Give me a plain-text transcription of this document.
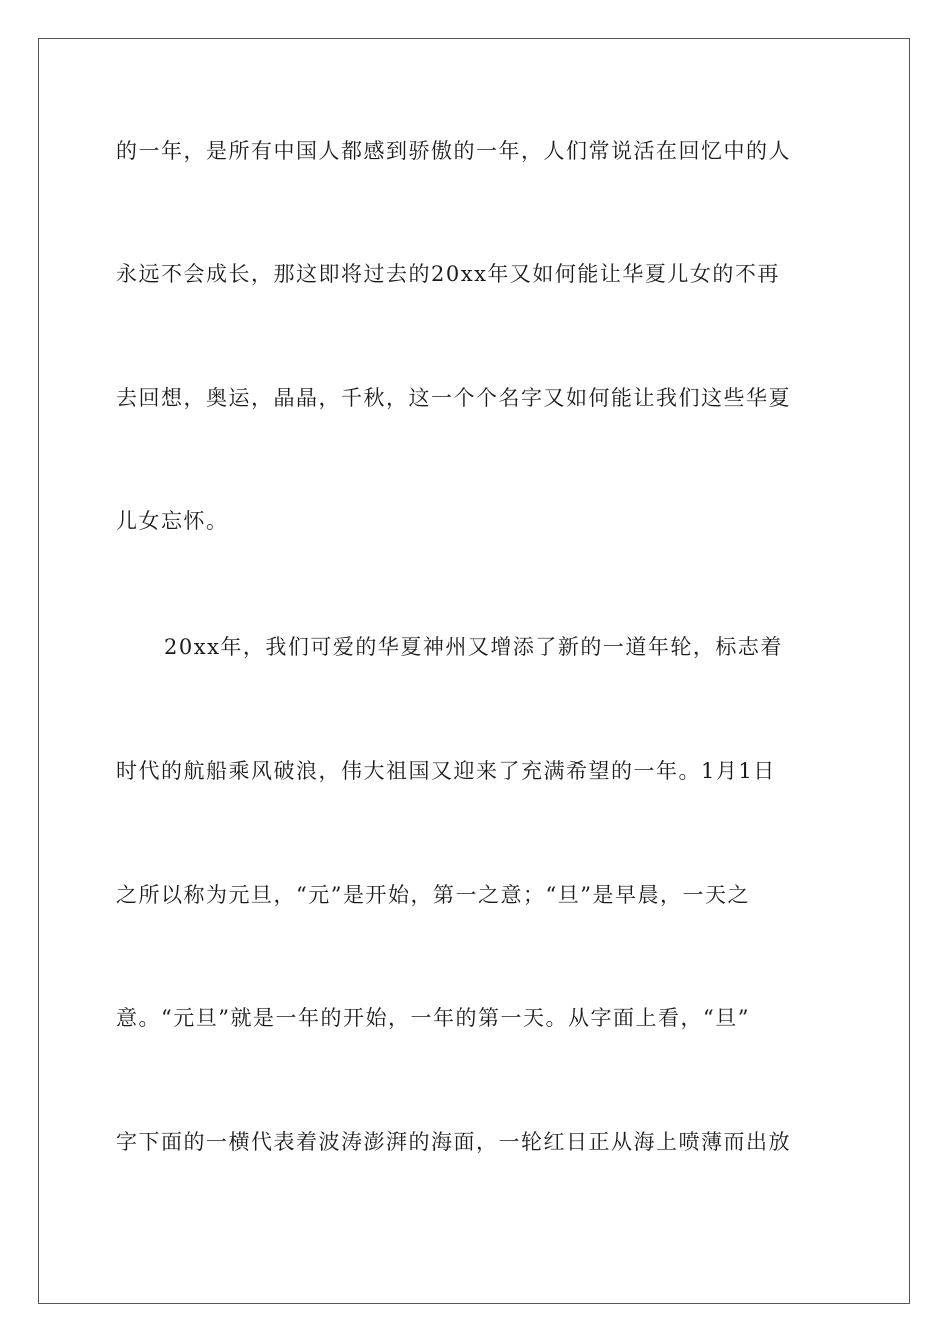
的一年，是所有中国人都感到骄傲的一年，人们常说活在回忆中的人
永远不会成长，那这即将过去的20xx年又如何能让华夏儿女的不再
去回想，奥运，晶晶，千秋，这一个个名字又如何能让我们这些华夏
儿女忘怀。
20xx年，我们可爱的华夏神州又增添了新的一道年轮，标志着
时代的航船乘风破浪，伟大祖国又迎来了充满希望的一年。1月1日
之所以称为元旦，“元”是开始，第一之意；“旦”是早晨，一天之
意。“元旦”就是一年的开始，一年的第一天。从字面上看，“旦”
字下面的一横代表着波涛澎湃的海面，一轮红日正从海上喷薄而出放
